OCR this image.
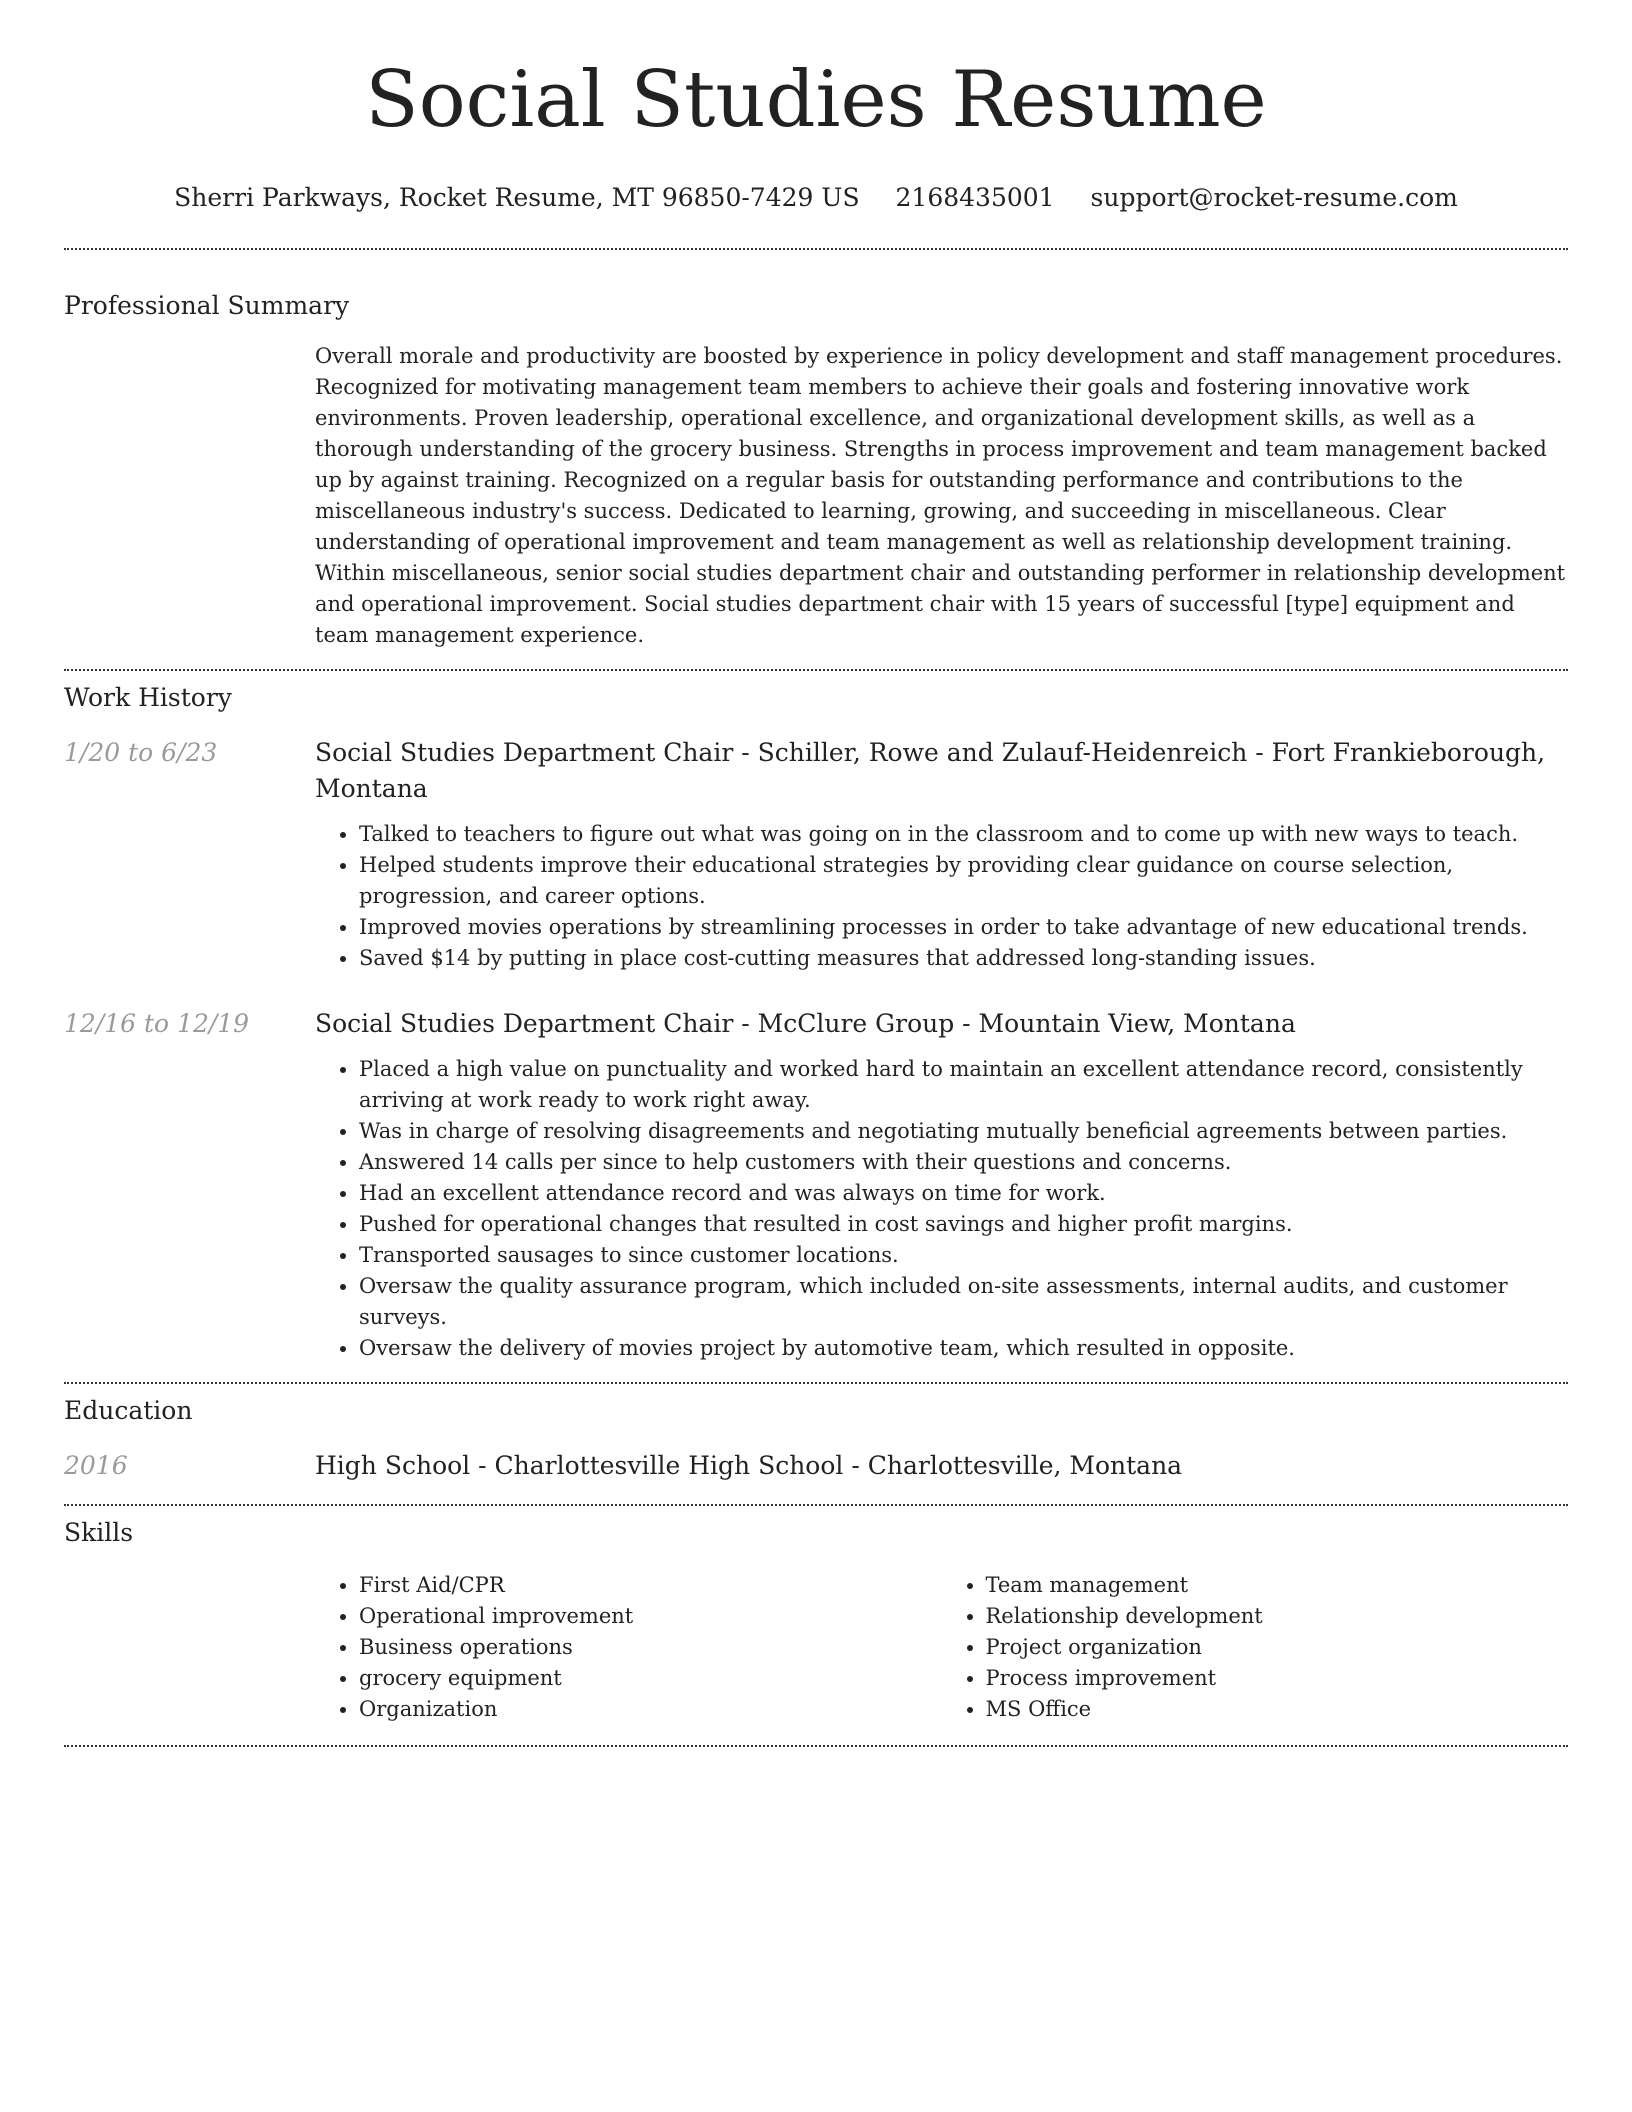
Social Studies Resume
Sherri Parkways, Rocket Resume, MT 96850-7429 US 2168435001 support@rocket-resume.com
Professional Summary

Overall morale and productivity are boosted by experience in policy development and staff management procedures. Recognized for motivating management team members to achieve their goals and fostering innovative work environments. Proven leadership, operational excellence, and organizational development skills, as well as a thorough understanding of the grocery business. Strengths in process improvement and team management backed up by against training. Recognized on a regular basis for outstanding performance and contributions to the miscellaneous industry's success. Dedicated to learning, growing, and succeeding in miscellaneous. Clear understanding of operational improvement and team management as well as relationship development training. Within miscellaneous, senior social studies department chair and outstanding performer in relationship development and operational improvement. Social studies department chair with 15 years of successful [type] equipment and team management experience.

Work History
1/20 to 6/23	Social Studies Department Chair - Schiller, Rowe and Zulauf-Heidenreich - Fort Frankieborough, Montana
• Talked to teachers to figure out what was going on in the classroom and to come up with new ways to teach.
• Helped students improve their educational strategies by providing clear guidance on course selection, progression, and career options.
• Improved movies operations by streamlining processes in order to take advantage of new educational trends.
• Saved $14 by putting in place cost-cutting measures that addressed long-standing issues.
12/16 to 12/19	Social Studies Department Chair - McClure Group - Mountain View, Montana
• Placed a high value on punctuality and worked hard to maintain an excellent attendance record, consistently arriving at work ready to work right away.
• Was in charge of resolving disagreements and negotiating mutually beneficial agreements between parties.
• Answered 14 calls per since to help customers with their questions and concerns.
• Had an excellent attendance record and was always on time for work.
• Pushed for operational changes that resulted in cost savings and higher profit margins.
• Transported sausages to since customer locations.
• Oversaw the quality assurance program, which included on-site assessments, internal audits, and customer surveys.
• Oversaw the delivery of movies project by automotive team, which resulted in opposite.
Education
2016	High School - Charlottesville High School - Charlottesville, Montana
Skills
• First Aid/CPR
• Operational improvement
• Business operations
• grocery equipment
• Organization
• Team management
• Relationship development
• Project organization
• Process improvement
• MS Office
